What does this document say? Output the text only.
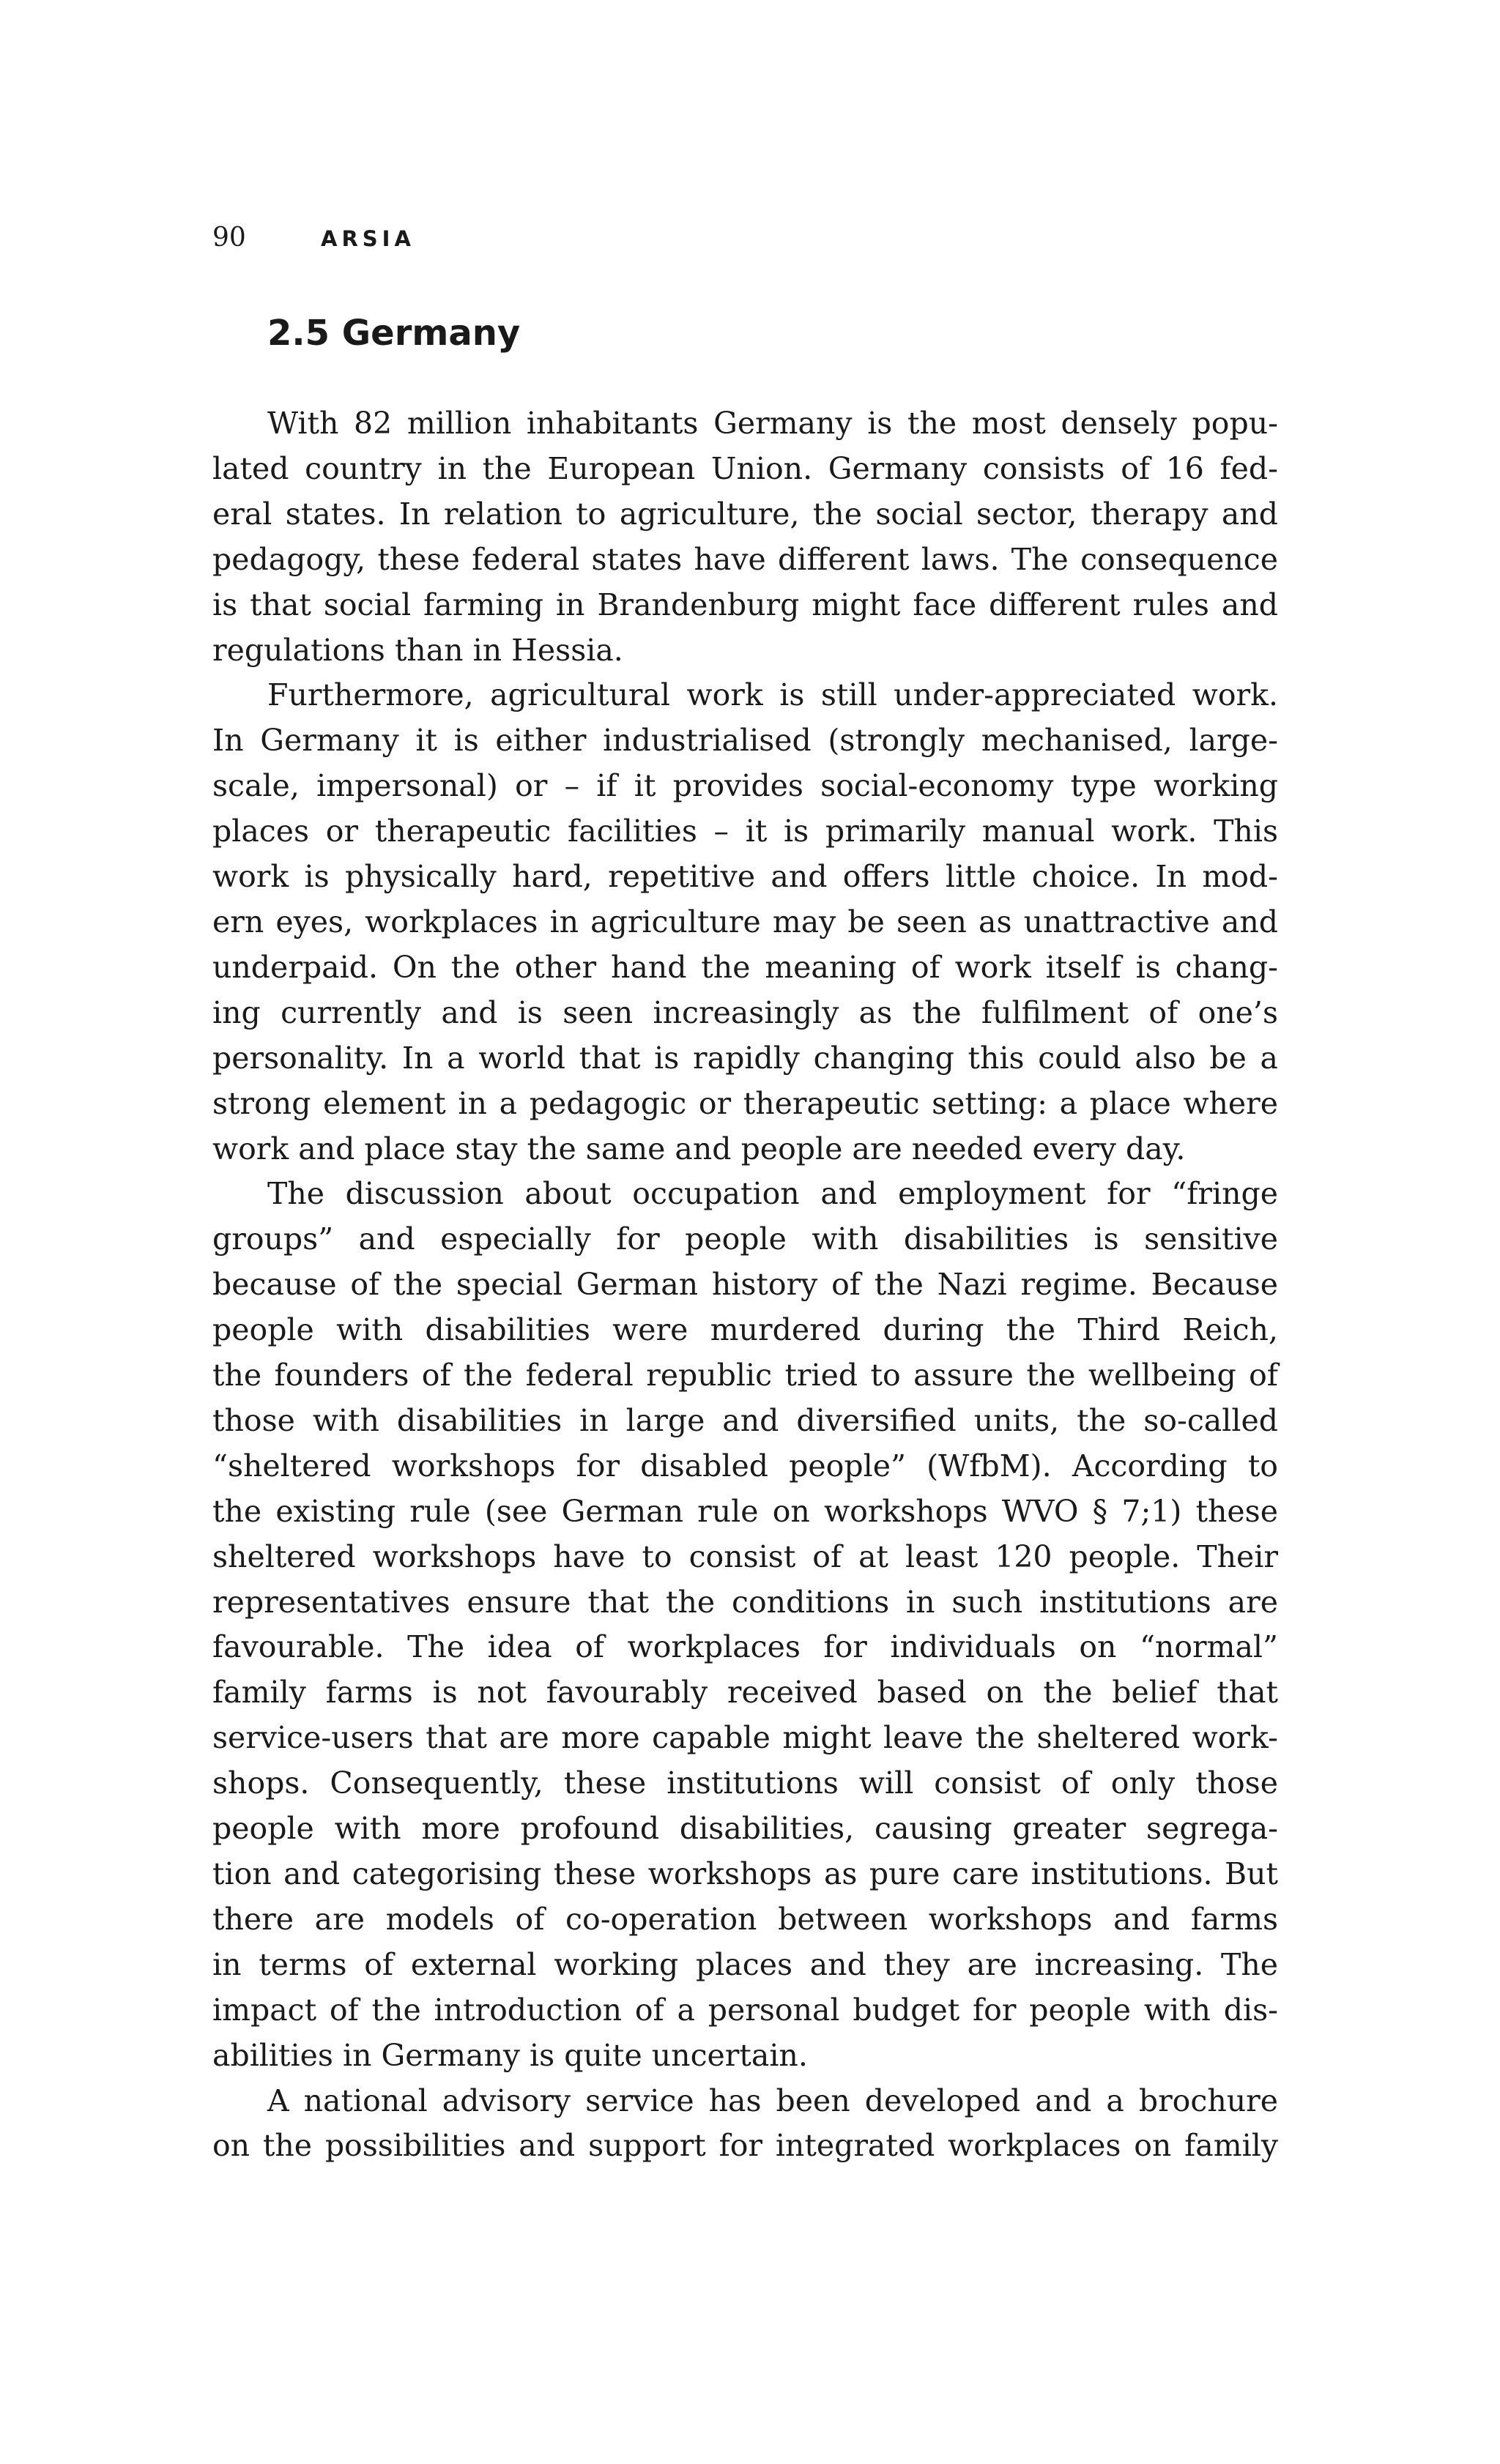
90	ARSIA
2.5 Germany
With 82 million inhabitants Germany is the most densely popu-
lated country in the European Union. Germany consists of 16 fed-
eral states. In relation to agriculture, the social sector, therapy and
pedagogy, these federal states have different laws. The consequence
is that social farming in Brandenburg might face different rules and
regulations than in Hessia.
Furthermore, agricultural work is still under-appreciated work.
In Germany it is either industrialised (strongly mechanised, large-
scale, impersonal) or – if it provides social-economy type working
places or therapeutic facilities – it is primarily manual work. This
work is physically hard, repetitive and offers little choice. In mod-
ern eyes, workplaces in agriculture may be seen as unattractive and
underpaid. On the other hand the meaning of work itself is chang-
ing currently and is seen increasingly as the fulfilment of one’s
personality. In a world that is rapidly changing this could also be a
strong element in a pedagogic or therapeutic setting: a place where
work and place stay the same and people are needed every day.
The discussion about occupation and employment for “fringe
groups” and especially for people with disabilities is sensitive
because of the special German history of the Nazi regime. Because
people with disabilities were murdered during the Third Reich,
the founders of the federal republic tried to assure the wellbeing of
those with disabilities in large and diversified units, the so-called
“sheltered workshops for disabled people” (WfbM). According to
the existing rule (see German rule on workshops WVO § 7;1) these
sheltered workshops have to consist of at least 120 people. Their
representatives ensure that the conditions in such institutions are
favourable. The idea of workplaces for individuals on “normal”
family farms is not favourably received based on the belief that
service-users that are more capable might leave the sheltered work-
shops. Consequently, these institutions will consist of only those
people with more profound disabilities, causing greater segrega-
tion and categorising these workshops as pure care institutions. But
there are models of co-operation between workshops and farms
in terms of external working places and they are increasing. The
impact of the introduction of a personal budget for people with dis-
abilities in Germany is quite uncertain.
A national advisory service has been developed and a brochure
on the possibilities and support for integrated workplaces on family
